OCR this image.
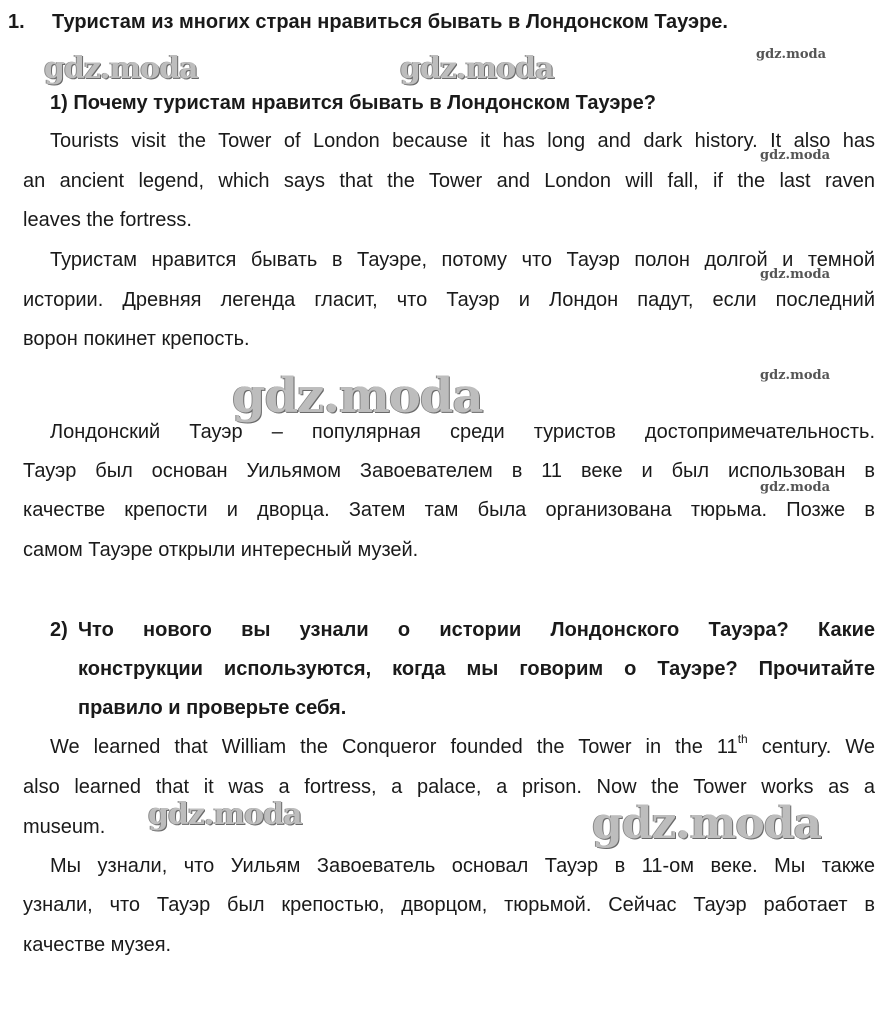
1. Туристам из многих стран нравиться бывать в Лондонском Тауэре.
1) Почему туристам нравится бывать в Лондонском Тауэре?
Tourists visit the Tower of London because it has long and dark history. It also has
an ancient legend, which says that the Tower and London will fall, if the last raven
leaves the fortress.
Туристам нравится бывать в Тауэре, потому что Тауэр полон долгой и темной
истории. Древняя легенда гласит, что Тауэр и Лондон падут, если последний
ворон покинет крепость.
Лондонский Тауэр – популярная среди туристов достопримечательность.
Тауэр был основан Уильямом Завоевателем в 11 веке и был использован в
качестве крепости и дворца. Затем там была организована тюрьма. Позже в
самом Тауэре открыли интересный музей.
2) Что нового вы узнали о истории Лондонского Тауэра? Какие
конструкции используются, когда мы говорим о Тауэре? Прочитайте
правило и проверьте себя.
We learned that William the Conqueror founded the Tower in the 11th century. We
also learned that it was a fortress, a palace, a prison. Now the Tower works as a
museum.
Мы узнали, что Уильям Завоеватель основал Тауэр в 11-ом веке. Мы также
узнали, что Тауэр был крепостью, дворцом, тюрьмой. Сейчас Тауэр работает в
качестве музея.
gdz.moda	gdz.moda	gdz.moda
gdz.moda
gdz.moda
gdz.moda	gdz.moda
gdz.moda
gdz.moda	gdz.moda
